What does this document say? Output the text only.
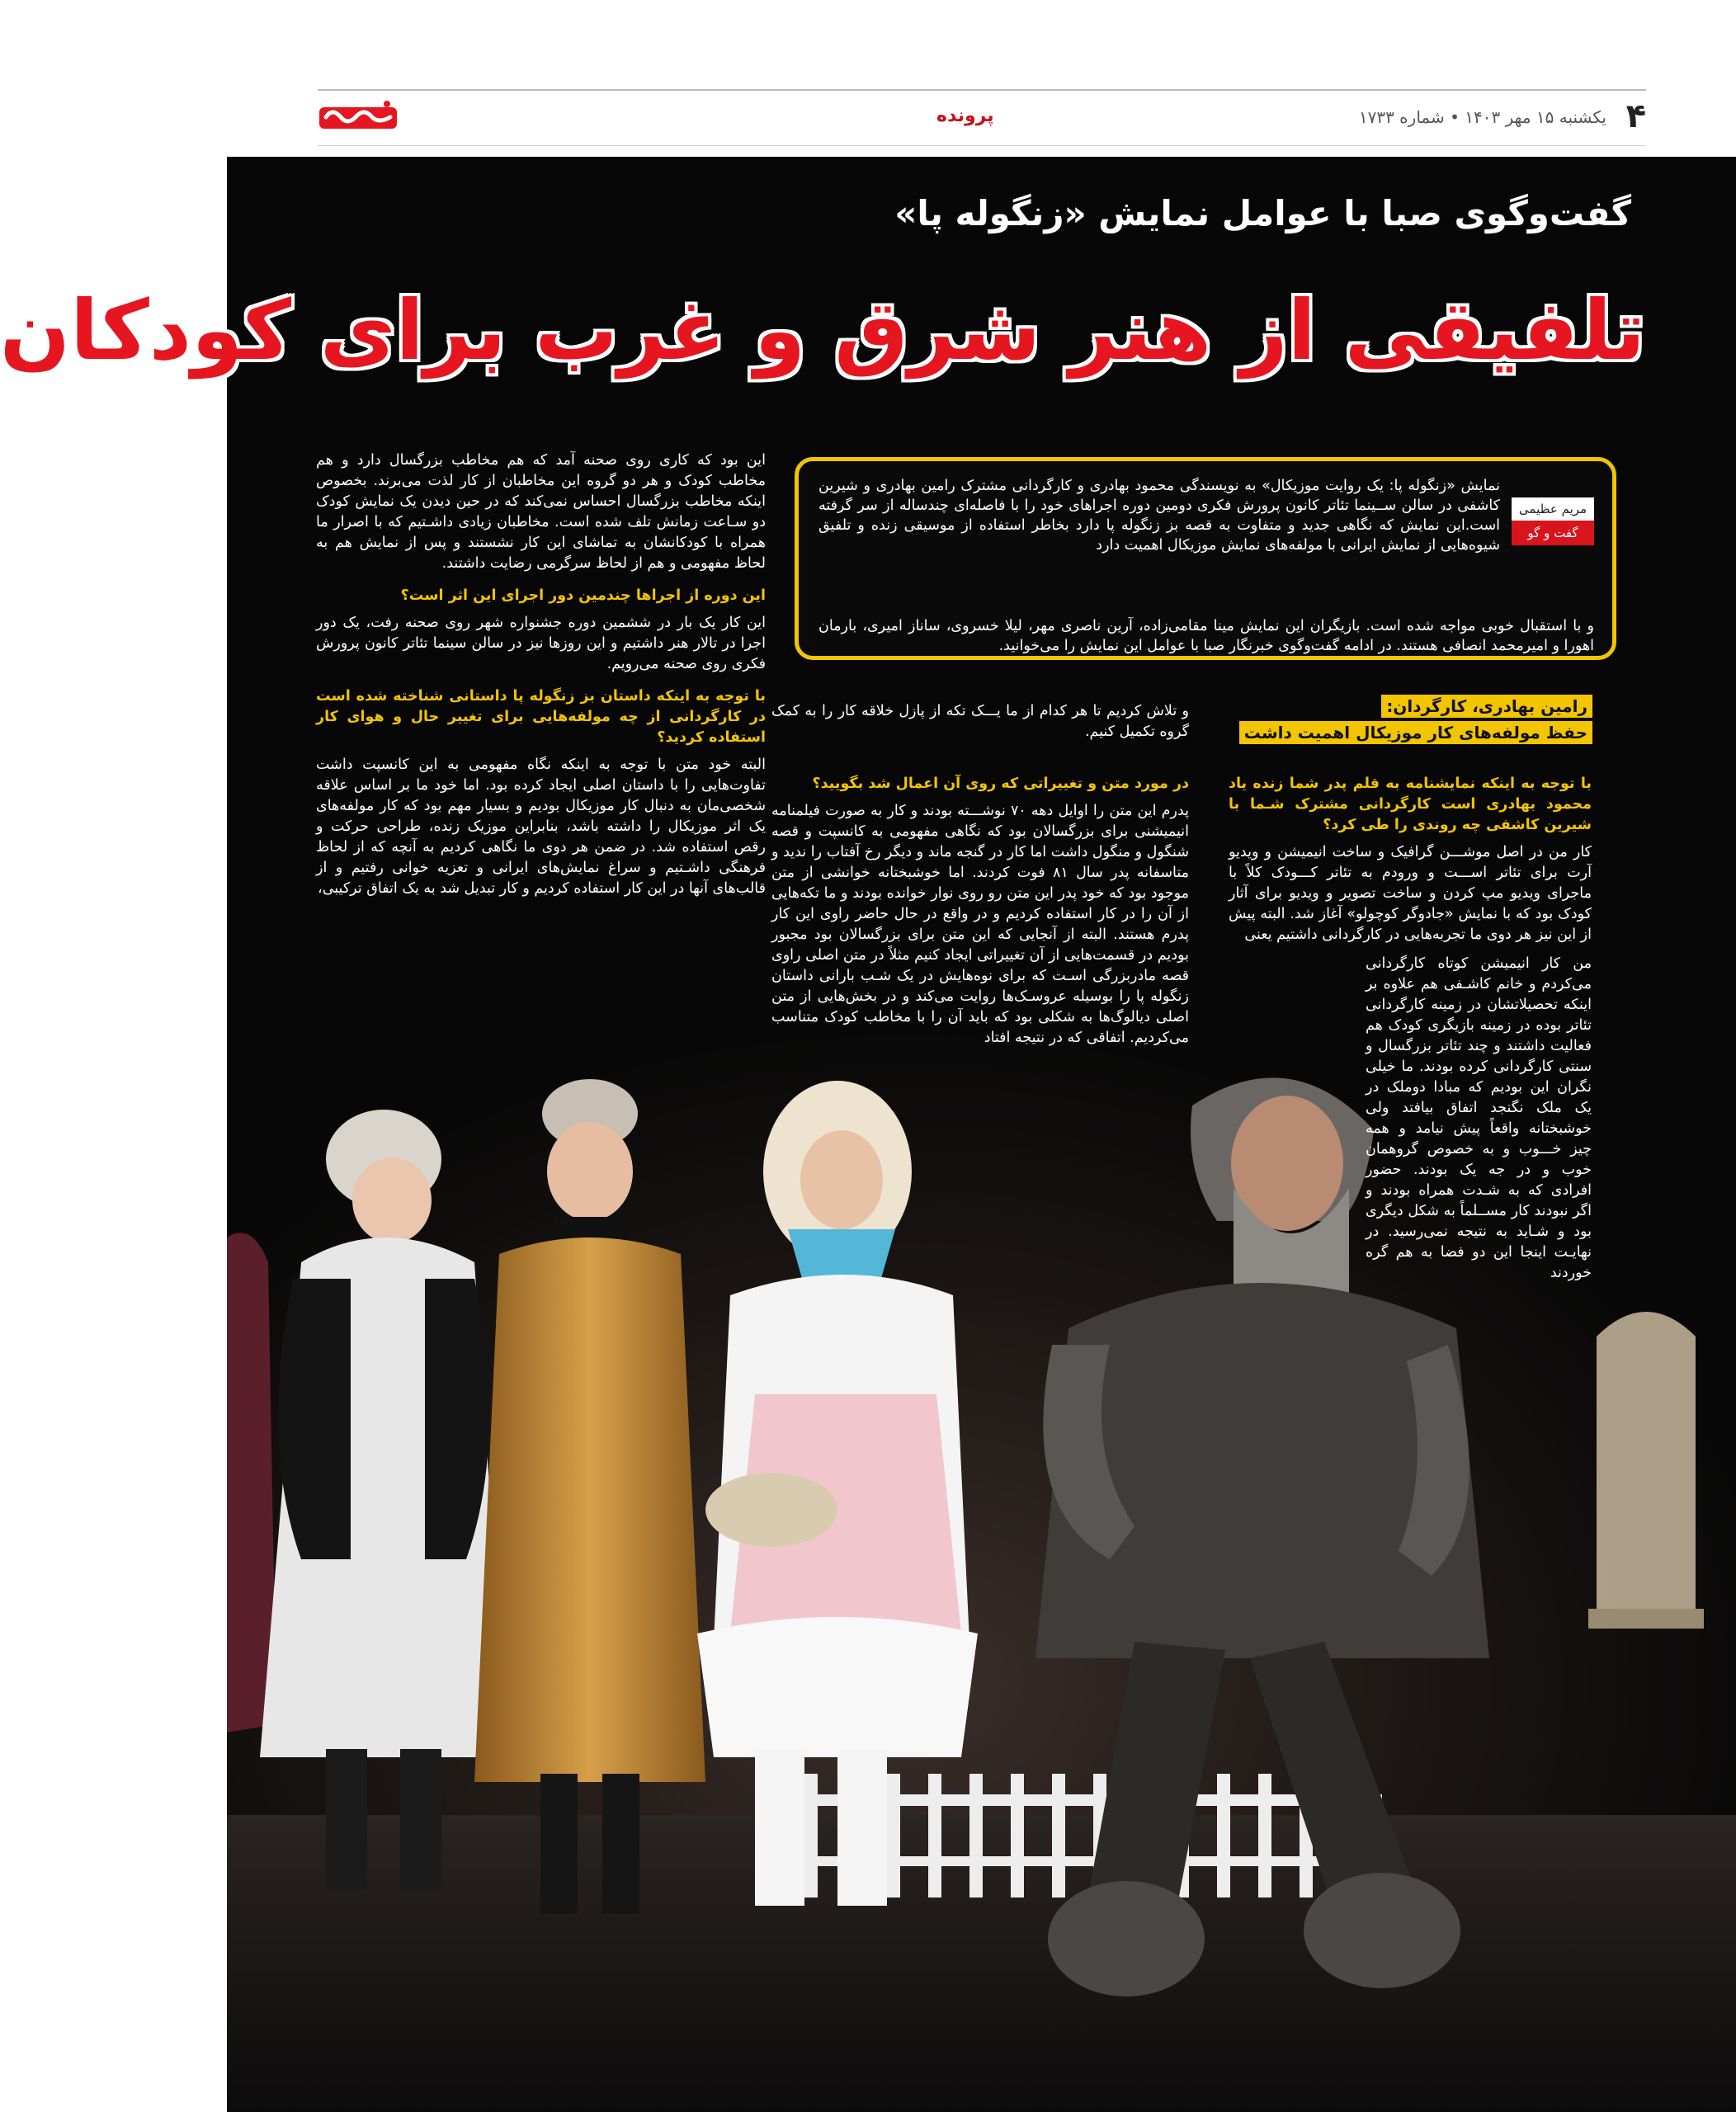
۴
یکشنبه ۱۵ مهر ۱۴۰۳ • شماره ۱۷۳۳
پرونده
گفت‌وگوی صبا با عوامل نمایش «زنگوله پا»
تلفیقی از هنر شرق و غرب برای کودکان
مریم عظیمی
گفت و گو

نمایش «زنگوله پا: یک روایت موزیکال» به نویسندگی محمود بهادری و کارگردانی مشترک رامین بهادری و شیرین کاشفی در سالن ســینما تئاتر کانون پرورش فکری دومین دوره اجراهای خود را با فاصله‌ای چندساله از سر گرفته است.این نمایش که نگاهی جدید و متفاوت به قصه بز زنگوله پا دارد بخاطر استفاده از موسیقی زنده و تلفیق شیوه‌هایی از نمایش ایرانی با مولفه‌های نمایش موزیکال اهمیت دارد

و با استقبال خوبی مواجه شده است. بازیگران این نمایش مینا مقامی‌زاده، آرین ناصری مهر، لیلا خسروی، ساناز امیری، بارمان اهورا و امیرمحمد انصافی هستند. در ادامه گفت‌وگوی خبرنگار صبا با عوامل این نمایش را می‌خوانید.

رامین بهادری، کارگردان:
حفظ مولفه‌های کار موزیکال اهمیت داشت

این بود که کاری روی صحنه آمد که هم مخاطب بزرگسال دارد و هم مخاطب کودک و هر دو گروه این مخاطبان از کار لذت می‌برند. بخصوص اینکه مخاطب بزرگسال احساس نمی‌کند که در حین دیدن یک نمایش کودک دو سـاعت زمانش تلف شده است. مخاطبان زیادی داشـتیم که با اصرار ما همراه با کودکانشان به تماشای این کار نشستند و پس از نمایش هم به لحاظ مفهومی و هم از لحاظ سرگرمی رضایت داشتند.

این دوره از اجراها چندمین دور اجرای این اثر است؟

این کار یک بار در ششمین دوره جشنواره شهر روی صحنه رفت، یک دور اجرا در تالار هنر داشتیم و این روزها نیز در سالن سینما تئاتر کانون پرورش فکری روی صحنه می‌رویم.

با توجه به اینکه داستان بز زنگوله پا داستانی شناخته شده است در کارگردانی از چه مولفه‌هایی برای تغییر حال و هوای کار استفاده کردید؟

البته خود متن با توجه به اینکه نگاه مفهومی به این کانسپت داشت تفاوت‌هایی را با داستان اصلی ایجاد کرده بود. اما خود ما بر اساس علاقه شخصی‌مان به دنبال کار موزیکال بودیم و بسیار مهم بود که کار مولفه‌های یک اثر موزیکال را داشته باشد، بنابراین موزیک زنده، طراحی حرکت و رقص استفاده شد. در ضمن هر دوی ما نگاهی کردیم به آنچه که از لحاظ فرهنگی داشـتیم و سراغ نمایش‌های ایرانی و تعزیه خوانی رفتیم و از قالب‌های آنها در این کار استفاده کردیم و کار تبدیل شد به یک اتفاق ترکیبی،

و تلاش کردیم تا هر کدام از ما یـــک تکه از پازل خلاقه کار را به کمک گروه تکمیل کنیم.

در مورد متن و تغییراتی که روی آن اعمال شد بگویید؟

پدرم این متن را اوایل دهه ۷۰ نوشـــته بودند و کار به صورت فیلمنامه انیمیشنی برای بزرگسالان بود که نگاهی مفهومی به کانسپت و قصه شنگول و منگول داشت اما کار در گنجه ماند و دیگر رخ آفتاب را ندید و متاسفانه پدر سال ۸۱ فوت کردند. اما خوشبختانه خوانشی از متن موجود بود که خود پدر این متن رو روی نوار خوانده بودند و ما تکه‌هایی از آن را در کار استفاده کردیم و در واقع در حال حاضر راوی این کار پدرم هستند. البته از آنجایی که این متن برای بزرگسالان بود مجبور بودیم در قسمت‌هایی از آن تغییراتی ایجاد کنیم مثلاً در متن اصلی راوی قصه مادربزرگی اسـت که برای نوه‌هایش در یک شـب بارانی داستان زنگوله پا را بوسیله عروسـک‌ها روایت می‌کند و در بخش‌هایی از متن اصلی دیالوگ‌ها به شکلی بود که باید آن را با مخاطب کودک متناسب می‌کردیم. اتفاقی که در نتیجه افتاد

با توجه به اینکه نمایشنامه به قلم پدر شما زنده یاد محمود بهادری است کارگردانی مشترک شـما با شیرین کاشفی چه روندی را طی کرد؟

کار من در اصل موشـــن گرافیک و ساخت انیمیشن و ویدیو آرت برای تئاتر اســـت و ورودم به تئاتر کـــودک کلاً با ماجرای ویدیو مپ کردن و ساخت تصویر و ویدیو برای آثار کودک بود که با نمایش «جادوگر کوچولو» آغاز شد. البته پیش از این نیز هر دوی ما تجربه‌هایی در کارگردانی داشتیم یعنی

من کار انیمیشن کوتاه کارگردانی می‌کردم و خانم کاشـفی هم علاوه بر اینکه تحصیلاتشان در زمینه کارگردانی تئاتر بوده در زمینه بازیگری کودک هم فعالیت داشتند و چند تئاتر بزرگسال و سنتی کارگردانی کرده بودند. ما خیلی نگران این بودیم که مبادا دوملک در یک ملک نگنجد اتفاق بیافتد ولی خوشبختانه واقعاً پیش نیامد و همه چیز خـــوب و به خصوص گروهمان خوب و در جه یک بودند. حضور افرادی که به شـدت همراه بودند و اگر نبودند کار مســلماً به شکل دیگری بود و شـاید به نتیجه نمی‌رسید. در نهایـت اینجا این دو فضا به هم گره خوردند
